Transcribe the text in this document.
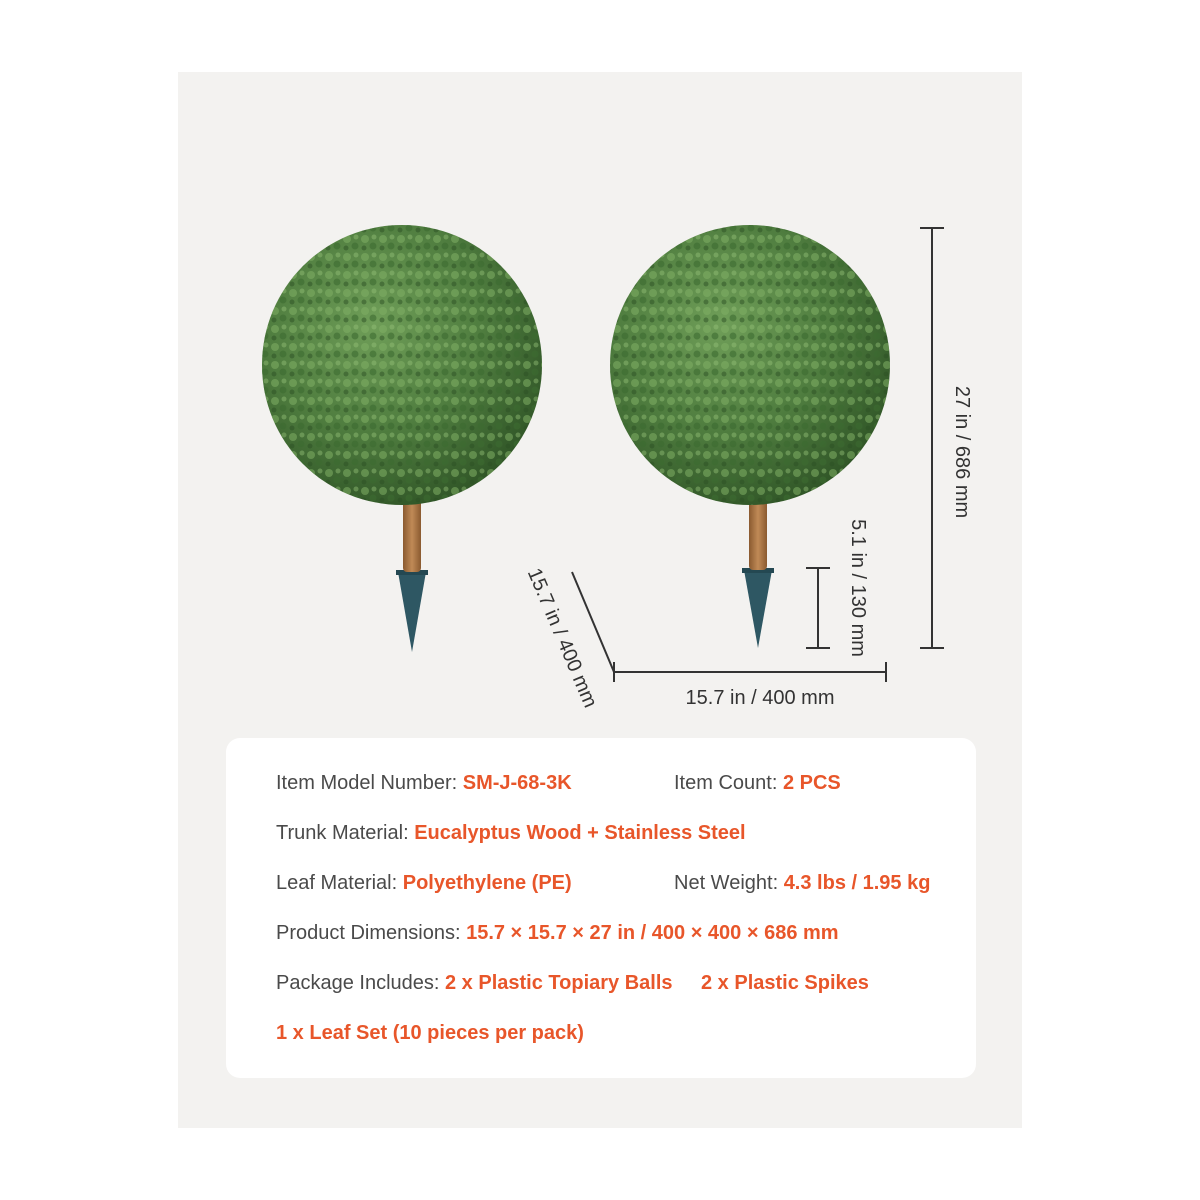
27 in / 686 mm
5.1 in / 130 mm
15.7 in / 400 mm	15.7 in / 400 mm
Item Model Number: SM-J-68-3K	Item Count: 2 PCS
Trunk Material: Eucalyptus Wood + Stainless Steel
Leaf Material: Polyethylene (PE)	Net Weight: 4.3 lbs / 1.95 kg
Product Dimensions: 15.7 × 15.7 × 27 in / 400 × 400 × 686 mm
Package Includes: 2 x Plastic Topiary Balls 2 x Plastic Spikes
1 x Leaf Set (10 pieces per pack)
